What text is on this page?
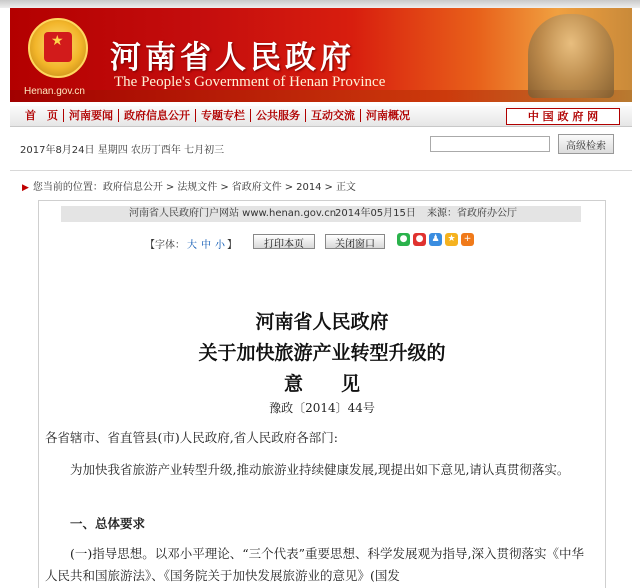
★
Henan.gov.cn
河南省人民政府
The People's Government of Henan Province
首　页	河南要闻	政府信息公开	专题专栏	公共服务	互动交流	河南概况	中 国 政 府 网
2017年8月24日 星期四 农历丁酉年 七月初三	高级检索
▶ 您当前的位置：政府信息公开 > 法规文件 > 省政府文件 > 2014 > 正文
河南省人民政府门户网站 www.henan.gov.cn
2014年05月15日 来源：省政府办公厅
【字体： 大 中 小 】	打印本页	关闭窗口	● ● ♟ ★ +
河南省人民政府
关于加快旅游产业转型升级的
意　　见
豫政〔2014〕44号
各省辖市、省直管县(市)人民政府,省人民政府各部门:
　　为加快我省旅游产业转型升级,推动旅游业持续健康发展,现提出如下意见,请认真贯彻落实。
　　一、总体要求
　　(一)指导思想。以邓小平理论、“三个代表”重要思想、科学发展观为指导,深入贯彻落实《中华人民共和国旅游法》、《国务院关于加快发展旅游业的意见》(国发
